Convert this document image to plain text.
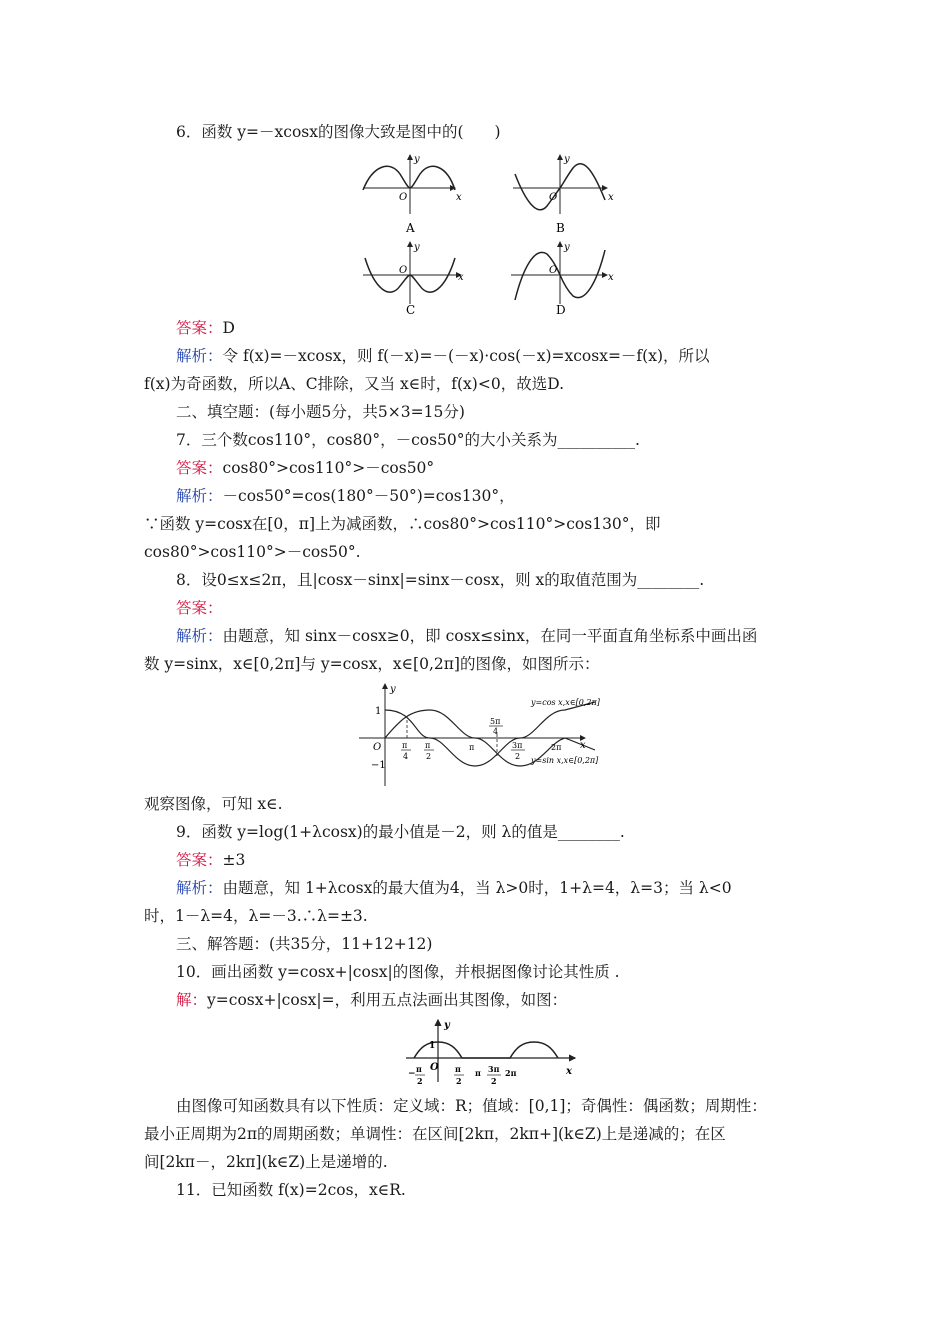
6．函数 y=－xcosx的图像大致是图中的(　　)
y
x
O
A
y
x
O
B
y
x
O
C
y
x
O
D
答案：D
解析：令 f(x)=－xcosx，则 f(－x)=－(－x)·cos(－x)=xcosx=－f(x)，所以
f(x)为奇函数，所以A、C排除，又当 x∈时，f(x)<0，故选D.
二、填空题：(每小题5分，共5×3=15分)
7．三个数cos110°，cos80°，－cos50°的大小关系为__________.
答案：cos80°>cos110°>－cos50°
解析：－cos50°=cos(180°－50°)=cos130°，
∵函数 y=cosx在[0，π]上为减函数，∴cos80°>cos110°>cos130°，即
cos80°>cos110°>－cos50°.
8．设0≤x≤2π，且|cosx－sinx|=sinx－cosx，则 x的取值范围为________.
答案：
解析：由题意，知 sinx－cosx≥0，即 cosx≤sinx，在同一平面直角坐标系中画出函
数 y=sinx，x∈[0,2π]与 y=cosx，x∈[0,2π]的图像，如图所示：
y
x
O
1
−1
π
4
π
2
π
5π
4
3π
2
2π
y=cos x,x∈[0,2π]
y=sin x,x∈[0,2π]
观察图像，可知 x∈.
9．函数 y=log(1+λcosx)的最小值是－2，则 λ的值是________.
答案：±3
解析：由题意，知 1+λcosx的最大值为4，当 λ>0时，1+λ=4，λ=3；当 λ<0
时，1－λ=4，λ=－3.∴λ=±3.
三、解答题：(共35分，11+12+12)
10．画出函数 y=cosx+|cosx|的图像，并根据图像讨论其性质 .
解：y=cosx+|cosx|=，利用五点法画出其图像，如图：
y
x
O
1
− π
2
π
2
π 3π
2
2π
由图像可知函数具有以下性质：定义域：R；值域：[0,1]；奇偶性：偶函数；周期性：
最小正周期为2π的周期函数；单调性：在区间[2kπ，2kπ+](k∈Z)上是递减的；在区
间[2kπ－，2kπ](k∈Z)上是递增的.
11．已知函数 f(x)=2cos，x∈R.
